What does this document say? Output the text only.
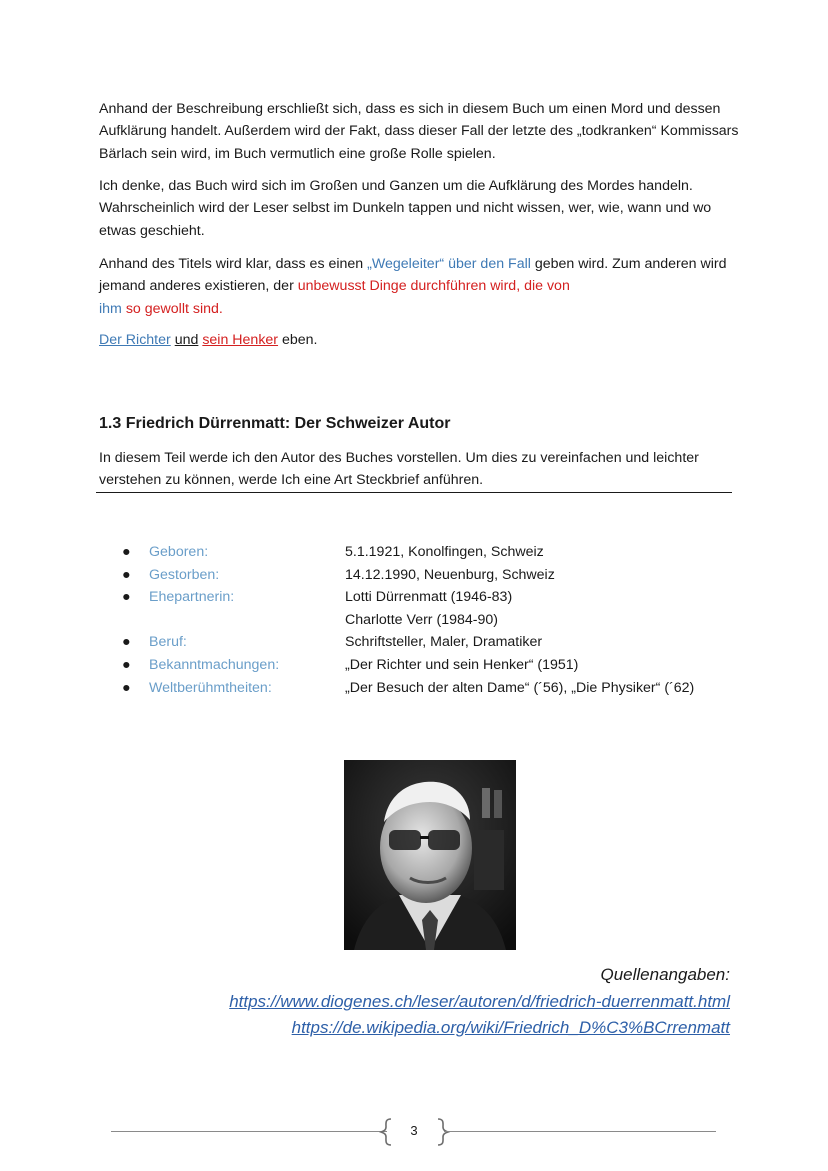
Anhand der Beschreibung erschließt sich, dass es sich in diesem Buch um einen Mord und dessen Aufklärung handelt. Außerdem wird der Fakt, dass dieser Fall der letzte des „todkranken“ Kommissars Bärlach sein wird, im Buch vermutlich eine große Rolle spielen.

Ich denke, das Buch wird sich im Großen und Ganzen um die Aufklärung des Mordes handeln. Wahrscheinlich wird der Leser selbst im Dunkeln tappen und nicht wissen, wer, wie, wann und wo etwas geschieht.

Anhand des Titels wird klar, dass es einen „Wegeleiter“ über den Fall geben wird. Zum anderen wird jemand anderes existieren, der unbewusst Dinge durchführen wird, die von
ihm so gewollt sind.

Der Richter und sein Henker eben.

1.3 Friedrich Dürrenmatt: Der Schweizer Autor

In diesem Teil werde ich den Autor des Buches vorstellen. Um dies zu vereinfachen und leichter verstehen zu können, werde Ich eine Art Steckbrief anführen.

● Geboren:	5.1.1921, Konolfingen, Schweiz
● Gestorben:	14.12.1990, Neuenburg, Schweiz
● Ehepartnerin:	Lotti Dürrenmatt (1946-83)
Charlotte Verr (1984-90)
● Beruf:	Schriftsteller, Maler, Dramatiker
● Bekanntmachungen:	„Der Richter und sein Henker“ (1951)
● Weltberühmtheiten:	„Der Besuch der alten Dame“ (´56), „Die Physiker“ (´62)
Quellenangaben:
https://www.diogenes.ch/leser/autoren/d/friedrich-duerrenmatt.html
https://de.wikipedia.org/wiki/Friedrich_D%C3%BCrrenmatt
3
